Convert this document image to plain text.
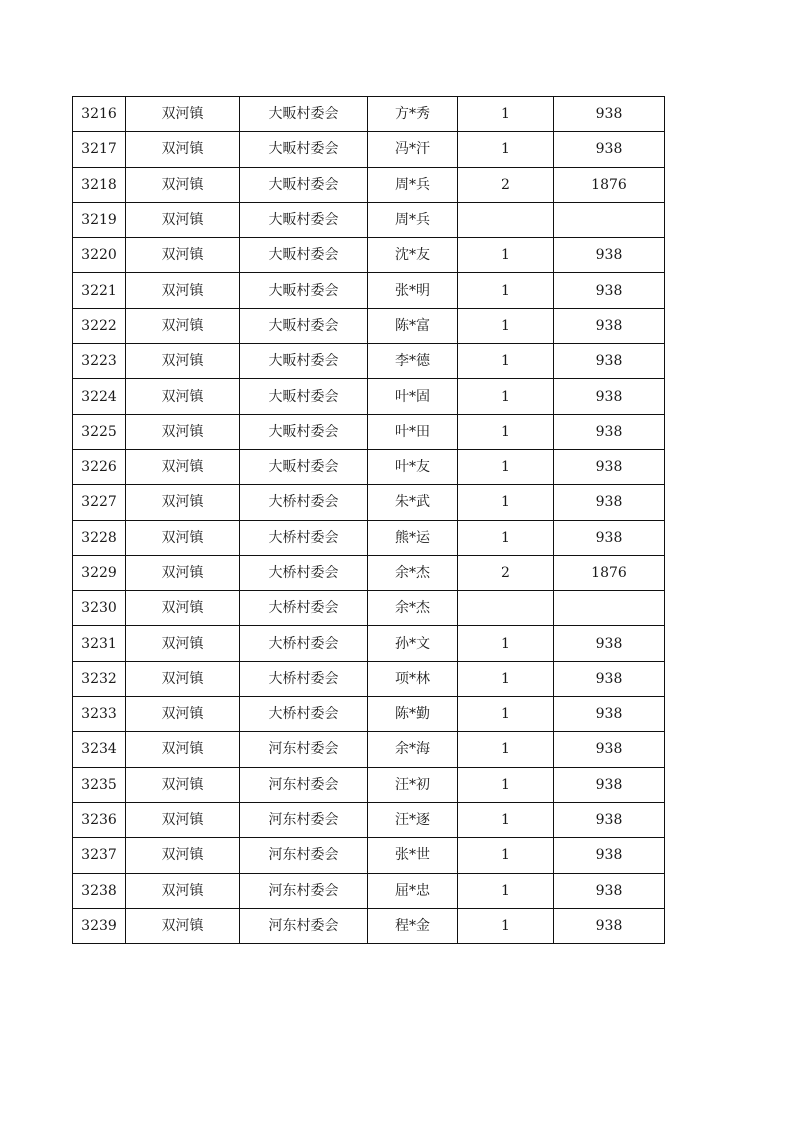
3216	双河镇	大畈村委会	方*秀	1	938
3217	双河镇	大畈村委会	冯*汗	1	938
3218	双河镇	大畈村委会	周*兵	2	1876
3219	双河镇	大畈村委会	周*兵		
3220	双河镇	大畈村委会	沈*友	1	938
3221	双河镇	大畈村委会	张*明	1	938
3222	双河镇	大畈村委会	陈*富	1	938
3223	双河镇	大畈村委会	李*德	1	938
3224	双河镇	大畈村委会	叶*固	1	938
3225	双河镇	大畈村委会	叶*田	1	938
3226	双河镇	大畈村委会	叶*友	1	938
3227	双河镇	大桥村委会	朱*武	1	938
3228	双河镇	大桥村委会	熊*运	1	938
3229	双河镇	大桥村委会	余*杰	2	1876
3230	双河镇	大桥村委会	余*杰		
3231	双河镇	大桥村委会	孙*文	1	938
3232	双河镇	大桥村委会	项*林	1	938
3233	双河镇	大桥村委会	陈*勤	1	938
3234	双河镇	河东村委会	余*海	1	938
3235	双河镇	河东村委会	汪*初	1	938
3236	双河镇	河东村委会	汪*逐	1	938
3237	双河镇	河东村委会	张*世	1	938
3238	双河镇	河东村委会	屈*忠	1	938
3239	双河镇	河东村委会	程*金	1	938
